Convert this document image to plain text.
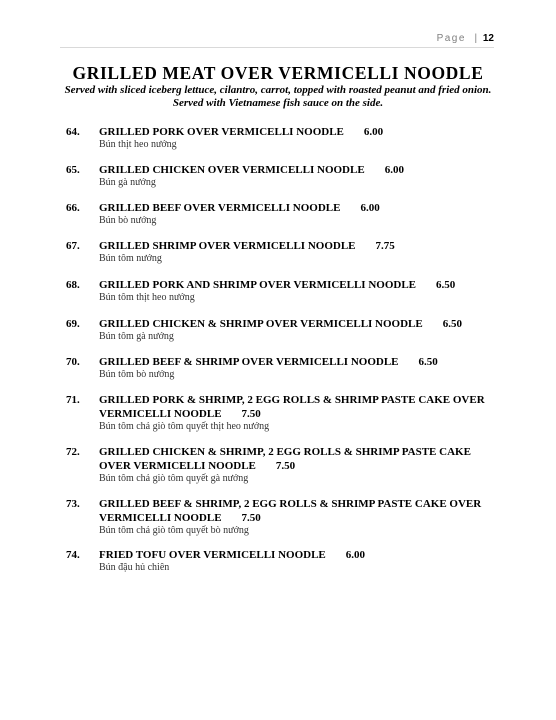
Page  | 12
GRILLED MEAT OVER VERMICELLI NOODLE
Served with sliced iceberg lettuce, cilantro, carrot, topped with roasted peanut and fried onion.
Served with Vietnamese fish sauce on the side.
64. GRILLED PORK OVER VERMICELLI NOODLE 6.00
Bún thịt heo nướng
65. GRILLED CHICKEN OVER VERMICELLI NOODLE 6.00
Bún gà nướng
66. GRILLED BEEF OVER VERMICELLI NOODLE 6.00
Bún bò nướng
67. GRILLED SHRIMP OVER VERMICELLI NOODLE 7.75
Bún tôm nướng
68. GRILLED PORK AND SHRIMP OVER VERMICELLI NOODLE 6.50
Bún tôm thịt heo nướng
69. GRILLED CHICKEN & SHRIMP OVER VERMICELLI NOODLE 6.50
Bún tôm gà nướng
70. GRILLED BEEF & SHRIMP OVER VERMICELLI NOODLE 6.50
Bún tôm bò nướng
71. GRILLED PORK & SHRIMP, 2 EGG ROLLS & SHRIMP PASTE CAKE OVER
VERMICELLI NOODLE 7.50
Bún tôm chả giò tôm quyết thịt heo nướng
72. GRILLED CHICKEN & SHRIMP, 2 EGG ROLLS & SHRIMP PASTE CAKE
OVER VERMICELLI NOODLE 7.50
Bún tôm chả giò tôm quyết gà nướng
73. GRILLED BEEF & SHRIMP, 2 EGG ROLLS & SHRIMP PASTE CAKE OVER
VERMICELLI NOODLE 7.50
Bún tôm chả giò tôm quyết bò nướng
74. FRIED TOFU OVER VERMICELLI NOODLE 6.00
Bún đậu hủ chiên
